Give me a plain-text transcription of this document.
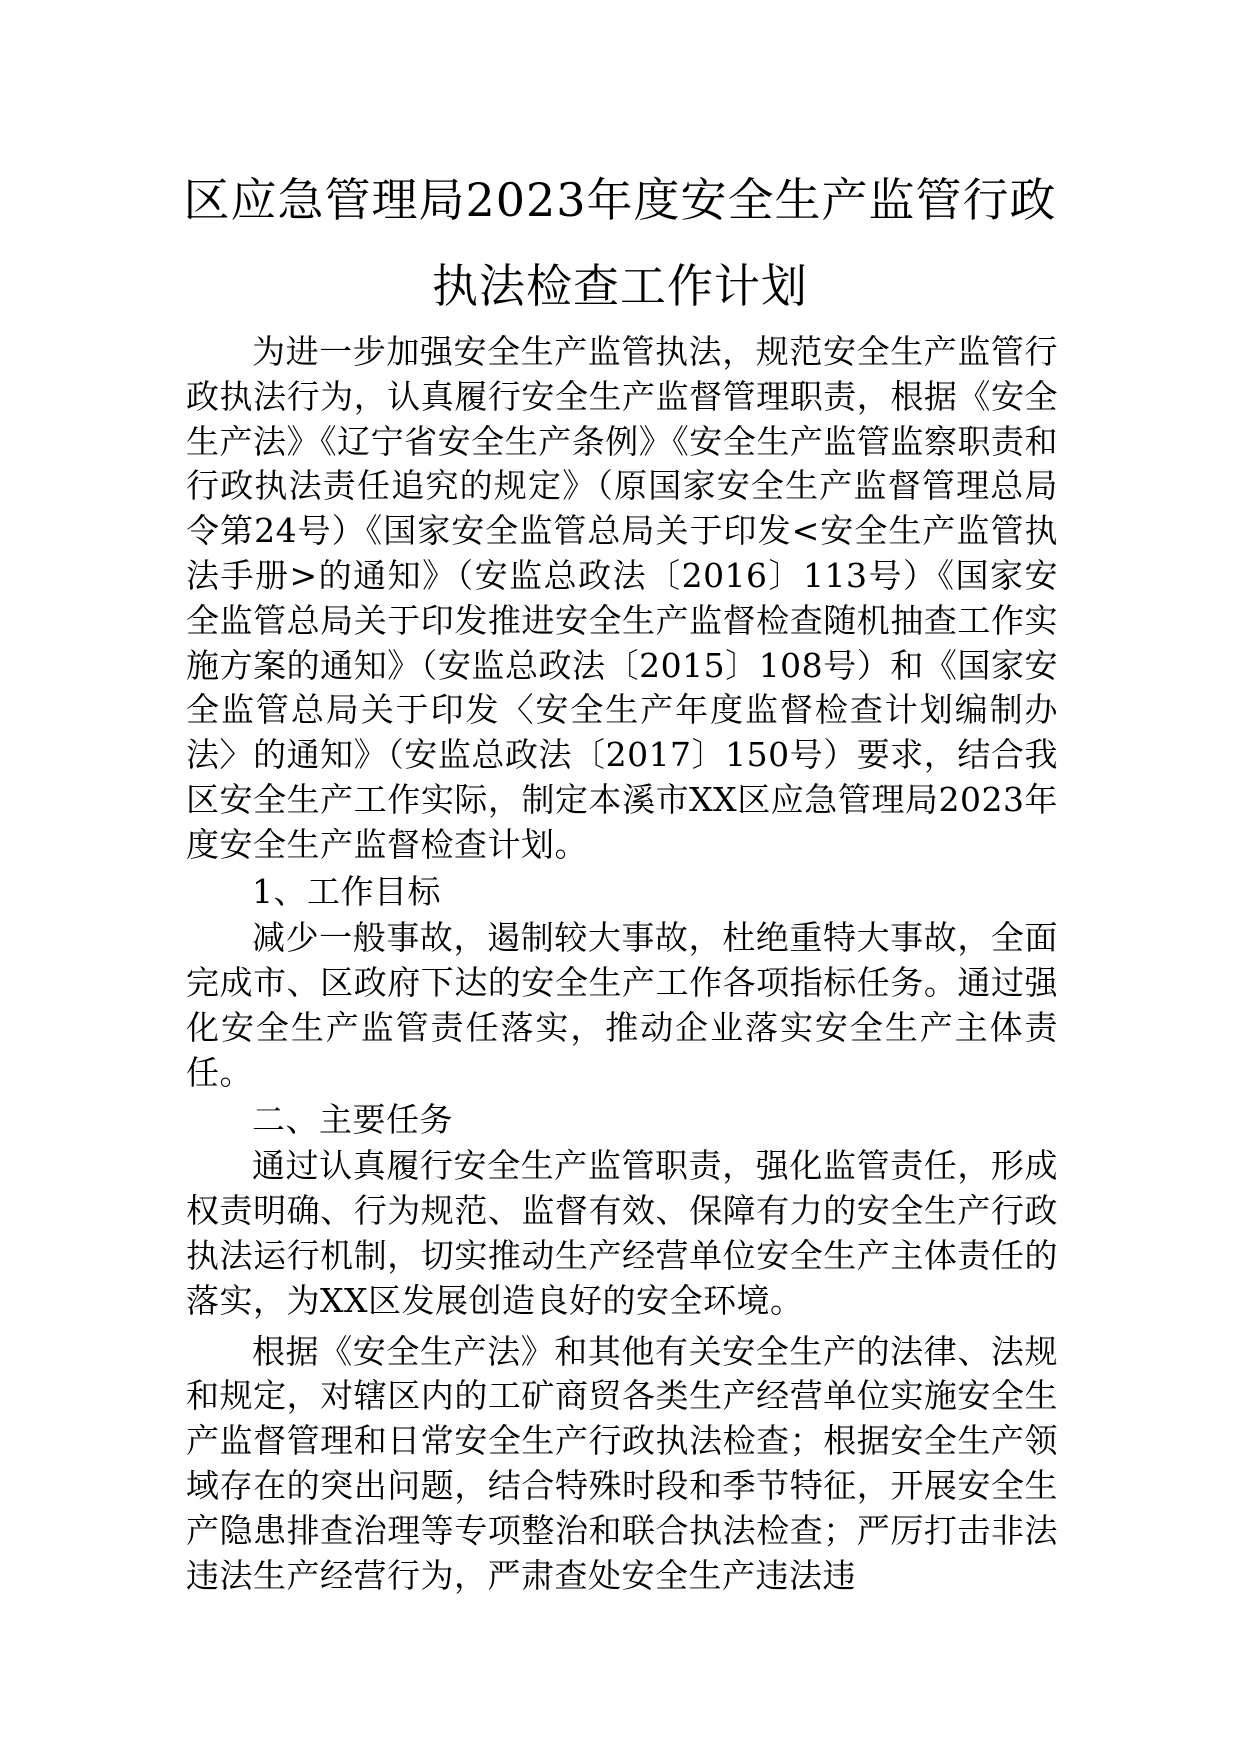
区应急管理局2023年度安全生产监管行政
执法检查工作计划

为进一步加强安全生产监管执法，规范安全生产监管行政执法行为，认真履行安全生产监督管理职责，根据《安全生产法》《辽宁省安全生产条例》《安全生产监管监察职责和行政执法责任追究的规定》（原国家安全生产监督管理总局令第24号）《国家安全监管总局关于印发<安全生产监管执法手册>的通知》（安监总政法〔2016〕113号）《国家安全监管总局关于印发推进安全生产监督检查随机抽查工作实施方案的通知》（安监总政法〔2015〕108号）和《国家安全监管总局关于印发〈安全生产年度监督检查计划编制办法〉的通知》（安监总政法〔2017〕150号）要求，结合我区安全生产工作实际，制定本溪市XX区应急管理局2023年度安全生产监督检查计划。

1、工作目标

减少一般事故，遏制较大事故，杜绝重特大事故，全面完成市、区政府下达的安全生产工作各项指标任务。通过强化安全生产监管责任落实，推动企业落实安全生产主体责任。

二、主要任务

通过认真履行安全生产监管职责，强化监管责任，形成权责明确、行为规范、监督有效、保障有力的安全生产行政执法运行机制，切实推动生产经营单位安全生产主体责任的落实，为XX区发展创造良好的安全环境。

根据《安全生产法》和其他有关安全生产的法律、法规和规定，对辖区内的工矿商贸各类生产经营单位实施安全生产监督管理和日常安全生产行政执法检查；根据安全生产领域存在的突出问题，结合特殊时段和季节特征，开展安全生产隐患排查治理等专项整治和联合执法检查；严厉打击非法违法生产经营行为，严肃查处安全生产违法违
